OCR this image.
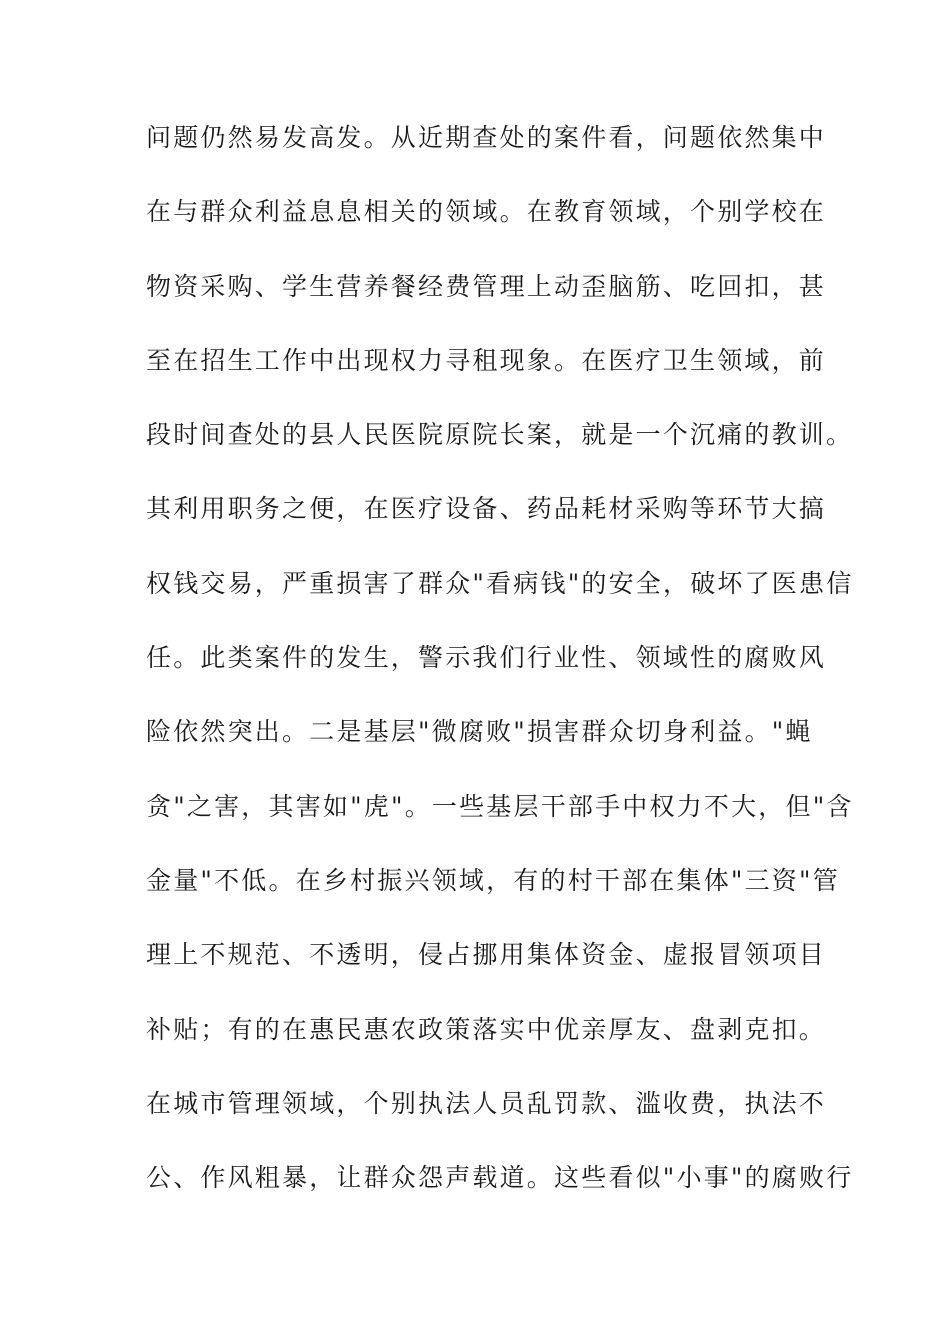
问题仍然易发高发。从近期查处的案件看，问题依然集中
在与群众利益息息相关的领域。在教育领域，个别学校在
物资采购、学生营养餐经费管理上动歪脑筋、吃回扣，甚
至在招生工作中出现权力寻租现象。在医疗卫生领域，前
段时间查处的县人民医院原院长案，就是一个沉痛的教训。
其利用职务之便，在医疗设备、药品耗材采购等环节大搞
权钱交易，严重损害了群众"看病钱"的安全，破坏了医患信
任。此类案件的发生，警示我们行业性、领域性的腐败风
险依然突出。二是基层"微腐败"损害群众切身利益。"蝇
贪"之害，其害如"虎"。一些基层干部手中权力不大，但"含
金量"不低。在乡村振兴领域，有的村干部在集体"三资"管
理上不规范、不透明，侵占挪用集体资金、虚报冒领项目
补贴；有的在惠民惠农政策落实中优亲厚友、盘剥克扣。
在城市管理领域，个别执法人员乱罚款、滥收费，执法不
公、作风粗暴，让群众怨声载道。这些看似"小事"的腐败行
